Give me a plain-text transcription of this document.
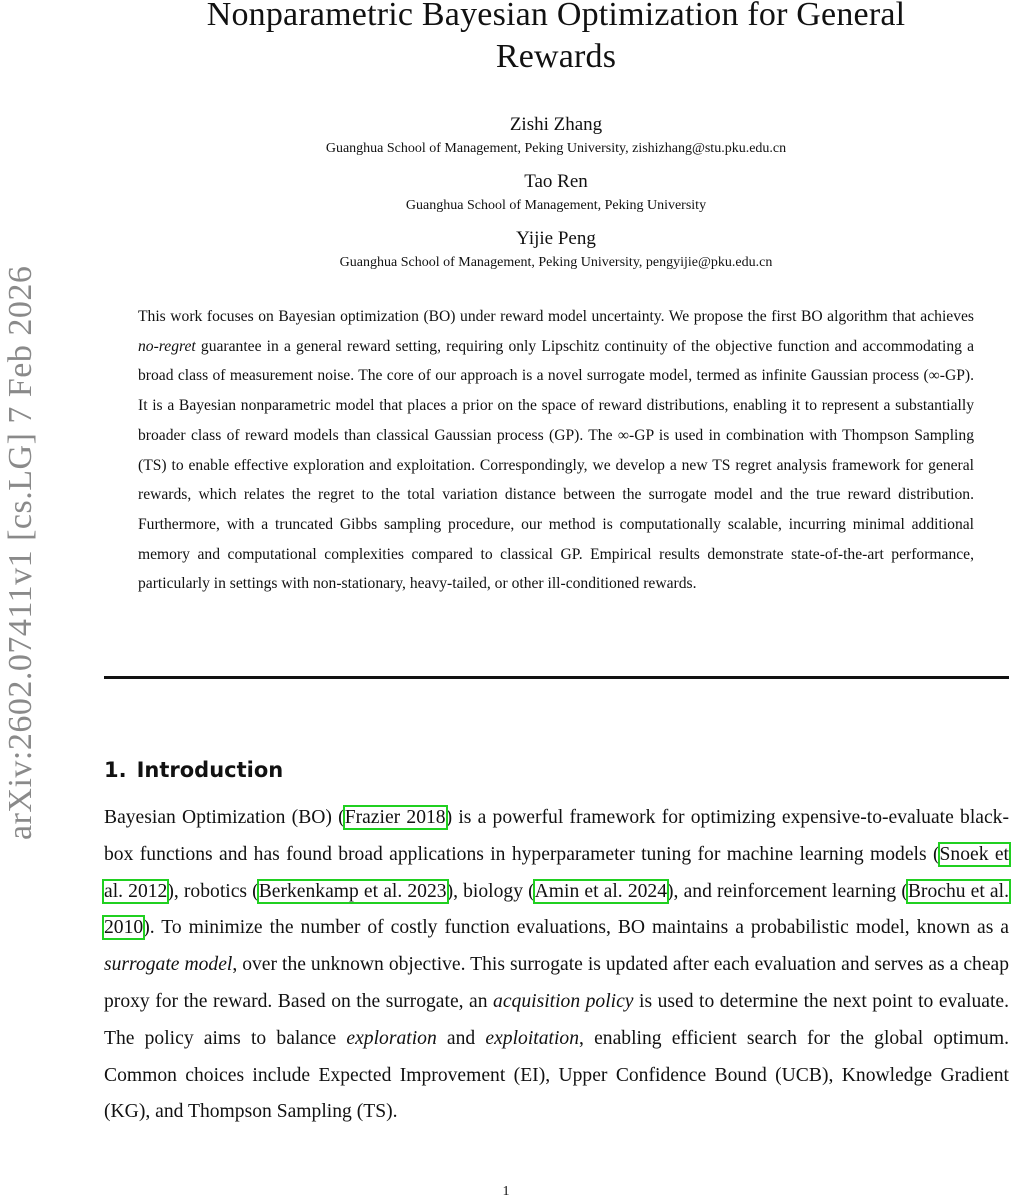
arXiv:2602.07411v1 [cs.LG] 7 Feb 2026
Nonparametric Bayesian Optimization for General
Rewards
Zishi Zhang
Guanghua School of Management, Peking University, zishizhang@stu.pku.edu.cn
Tao Ren
Guanghua School of Management, Peking University
Yijie Peng
Guanghua School of Management, Peking University, pengyijie@pku.edu.cn
This work focuses on Bayesian optimization (BO) under reward model uncertainty. We propose the first BO algorithm that achieves no-regret guarantee in a general reward setting, requiring only Lipschitz continuity of the objective function and accommodating a broad class of measurement noise. The core of our approach is a novel surrogate model, termed as infinite Gaussian process (∞-GP). It is a Bayesian nonparametric model that places a prior on the space of reward distributions, enabling it to represent a substantially broader class of reward models than classical Gaussian process (GP). The ∞-GP is used in combination with Thompson Sampling (TS) to enable effective exploration and exploitation. Correspondingly, we develop a new TS regret analysis framework for general rewards, which relates the regret to the total variation distance between the surrogate model and the true reward distribution. Furthermore, with a truncated Gibbs sampling procedure, our method is computationally scalable, incurring minimal additional memory and computational complexities compared to classical GP. Empirical results demonstrate state-of-the-art performance, particularly in settings with non-stationary, heavy-tailed, or other ill-conditioned rewards.
1. Introduction
Bayesian Optimization (BO) (Frazier 2018) is a powerful framework for optimizing expensive-to-evaluate black-box functions and has found broad applications in hyperparameter tuning for machine learning models (Snoek et al. 2012), robotics (Berkenkamp et al. 2023), biology (Amin et al. 2024), and reinforcement learning (Brochu et al. 2010). To minimize the number of costly function evaluations, BO maintains a probabilistic model, known as a surrogate model, over the unknown objective. This surrogate is updated after each evaluation and serves as a cheap proxy for the reward. Based on the surrogate, an acquisition policy is used to determine the next point to evaluate. The policy aims to balance exploration and exploitation, enabling efficient search for the global optimum. Common choices include Expected Improvement (EI), Upper Confidence Bound (UCB), Knowledge Gradient (KG), and Thompson Sampling (TS).
1
